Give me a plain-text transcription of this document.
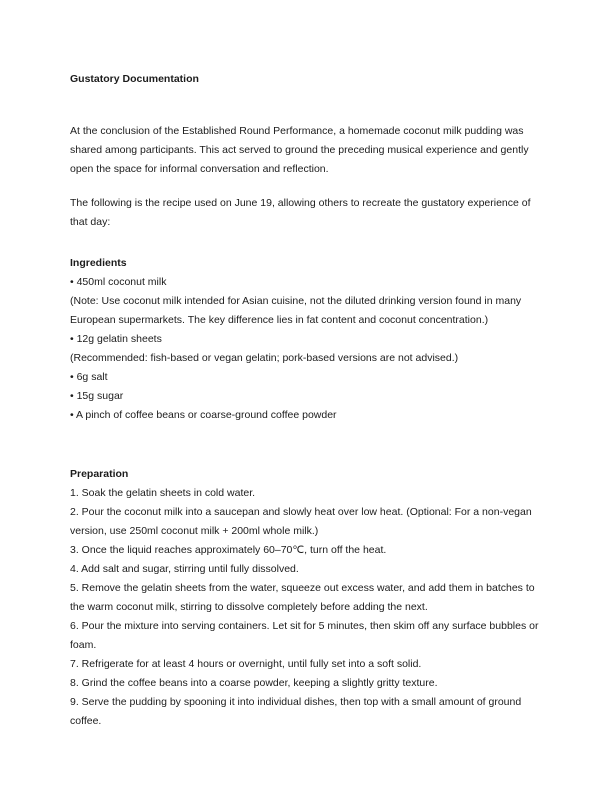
Gustatory Documentation

At the conclusion of the Established Round Performance, a homemade coconut milk pudding was shared among participants. This act served to ground the preceding musical experience and gently open the space for informal conversation and reflection.

The following is the recipe used on June 19, allowing others to recreate the gustatory experience of that day:

Ingredients
• 450ml coconut milk
(Note: Use coconut milk intended for Asian cuisine, not the diluted drinking version found in many European supermarkets. The key difference lies in fat content and coconut concentration.)
• 12g gelatin sheets
(Recommended: fish-based or vegan gelatin; pork-based versions are not advised.)
• 6g salt
• 15g sugar
• A pinch of coffee beans or coarse-ground coffee powder
Preparation
1. Soak the gelatin sheets in cold water.
2. Pour the coconut milk into a saucepan and slowly heat over low heat. (Optional: For a non-vegan version, use 250ml coconut milk + 200ml whole milk.)
3. Once the liquid reaches approximately 60–70℃, turn off the heat.
4. Add salt and sugar, stirring until fully dissolved.
5. Remove the gelatin sheets from the water, squeeze out excess water, and add them in batches to the warm coconut milk, stirring to dissolve completely before adding the next.
6. Pour the mixture into serving containers. Let sit for 5 minutes, then skim off any surface bubbles or foam.
7. Refrigerate for at least 4 hours or overnight, until fully set into a soft solid.
8. Grind the coffee beans into a coarse powder, keeping a slightly gritty texture.
9. Serve the pudding by spooning it into individual dishes, then top with a small amount of ground coffee.
